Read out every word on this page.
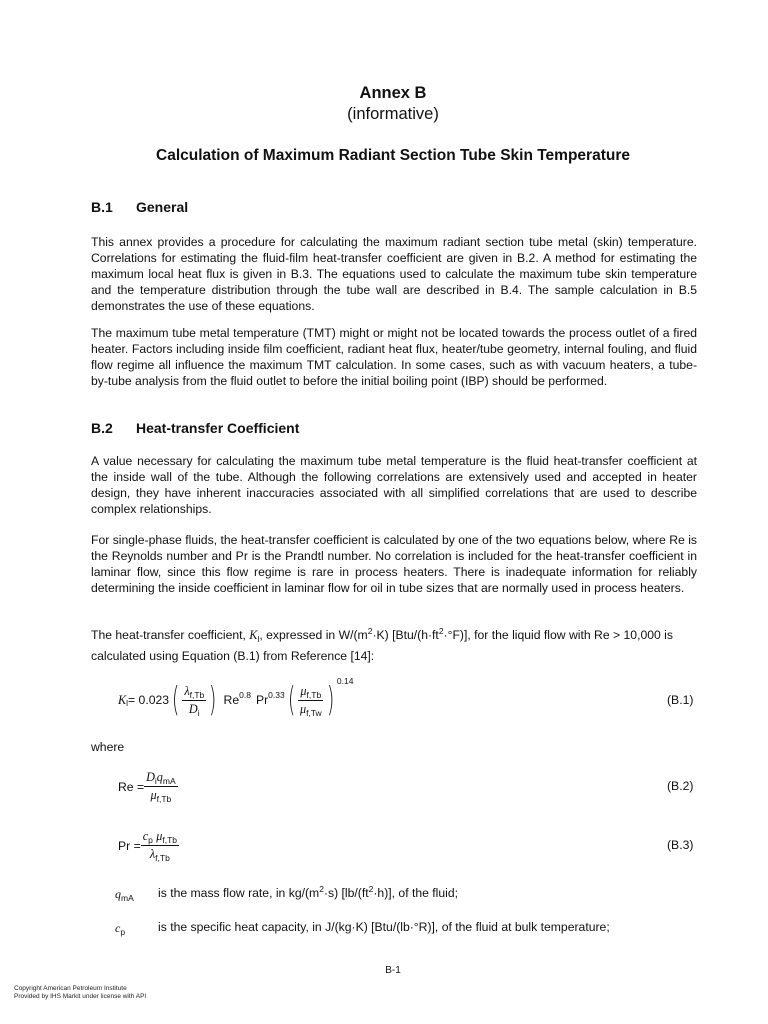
Annex B
(informative)
Calculation of Maximum Radiant Section Tube Skin Temperature
B.1 General

This annex provides a procedure for calculating the maximum radiant section tube metal (skin) temperature. Correlations for estimating the fluid-film heat-transfer coefficient are given in B.2. A method for estimating the maximum local heat flux is given in B.3. The equations used to calculate the maximum tube skin temperature and the temperature distribution through the tube wall are described in B.4. The sample calculation in B.5 demonstrates the use of these equations.

The maximum tube metal temperature (TMT) might or might not be located towards the process outlet of a fired heater. Factors including inside film coefficient, radiant heat flux, heater/tube geometry, internal fouling, and fluid flow regime all influence the maximum TMT calculation. In some cases, such as with vacuum heaters, a tube-by-tube analysis from the fluid outlet to before the initial boiling point (IBP) should be performed.

B.2 Heat-transfer Coefficient

A value necessary for calculating the maximum tube metal temperature is the fluid heat-transfer coefficient at the inside wall of the tube. Although the following correlations are extensively used and accepted in heater design, they have inherent inaccuracies associated with all simplified correlations that are used to describe complex relationships.

For single-phase fluids, the heat-transfer coefficient is calculated by one of the two equations below, where Re is the Reynolds number and Pr is the Prandtl number. No correlation is included for the heat-transfer coefficient in laminar flow, since this flow regime is rare in process heaters. There is inadequate information for reliably determining the inside coefficient in laminar flow for oil in tube sizes that are normally used in process heaters.

The heat-transfer coefficient, $K_l$, expressed in $W/(m^2\cdot K)$ $[Btu/(h\cdot ft^2\cdot^\circ F)]$, for the liquid flow with Re > 10,000 is

calculated using Equation (B.1) from Reference [14]:

K l = 0.023 ( $\frac{\lambda_{f,Tb}}{D_i}$ ) Re 0.8 Pr 0.33 ( $\frac{\mu_{f,Tb}}{\mu_{f,Tw}}$ ) 0.14
(B.1)
where
$Re = \frac{D_iq_{mA}}{\mu_{f,Tb}}$	(B.2)
$Pr = \frac{c_p \mu_{f,Tb}}{\lambda_{f,Tb}}$	(B.3)
$q_{mA}$ is the mass flow rate, in $kg/(m^2\cdot s)$ $[lb/(ft^2\cdot h)]$, of the fluid;
$c_p$	is the specific heat capacity, in J/(kg·K) [Btu/(lb·°R)], of the fluid at bulk temperature;
B-1
Copyright American Petroleum Institute
Provided by IHS Markit under license with API
